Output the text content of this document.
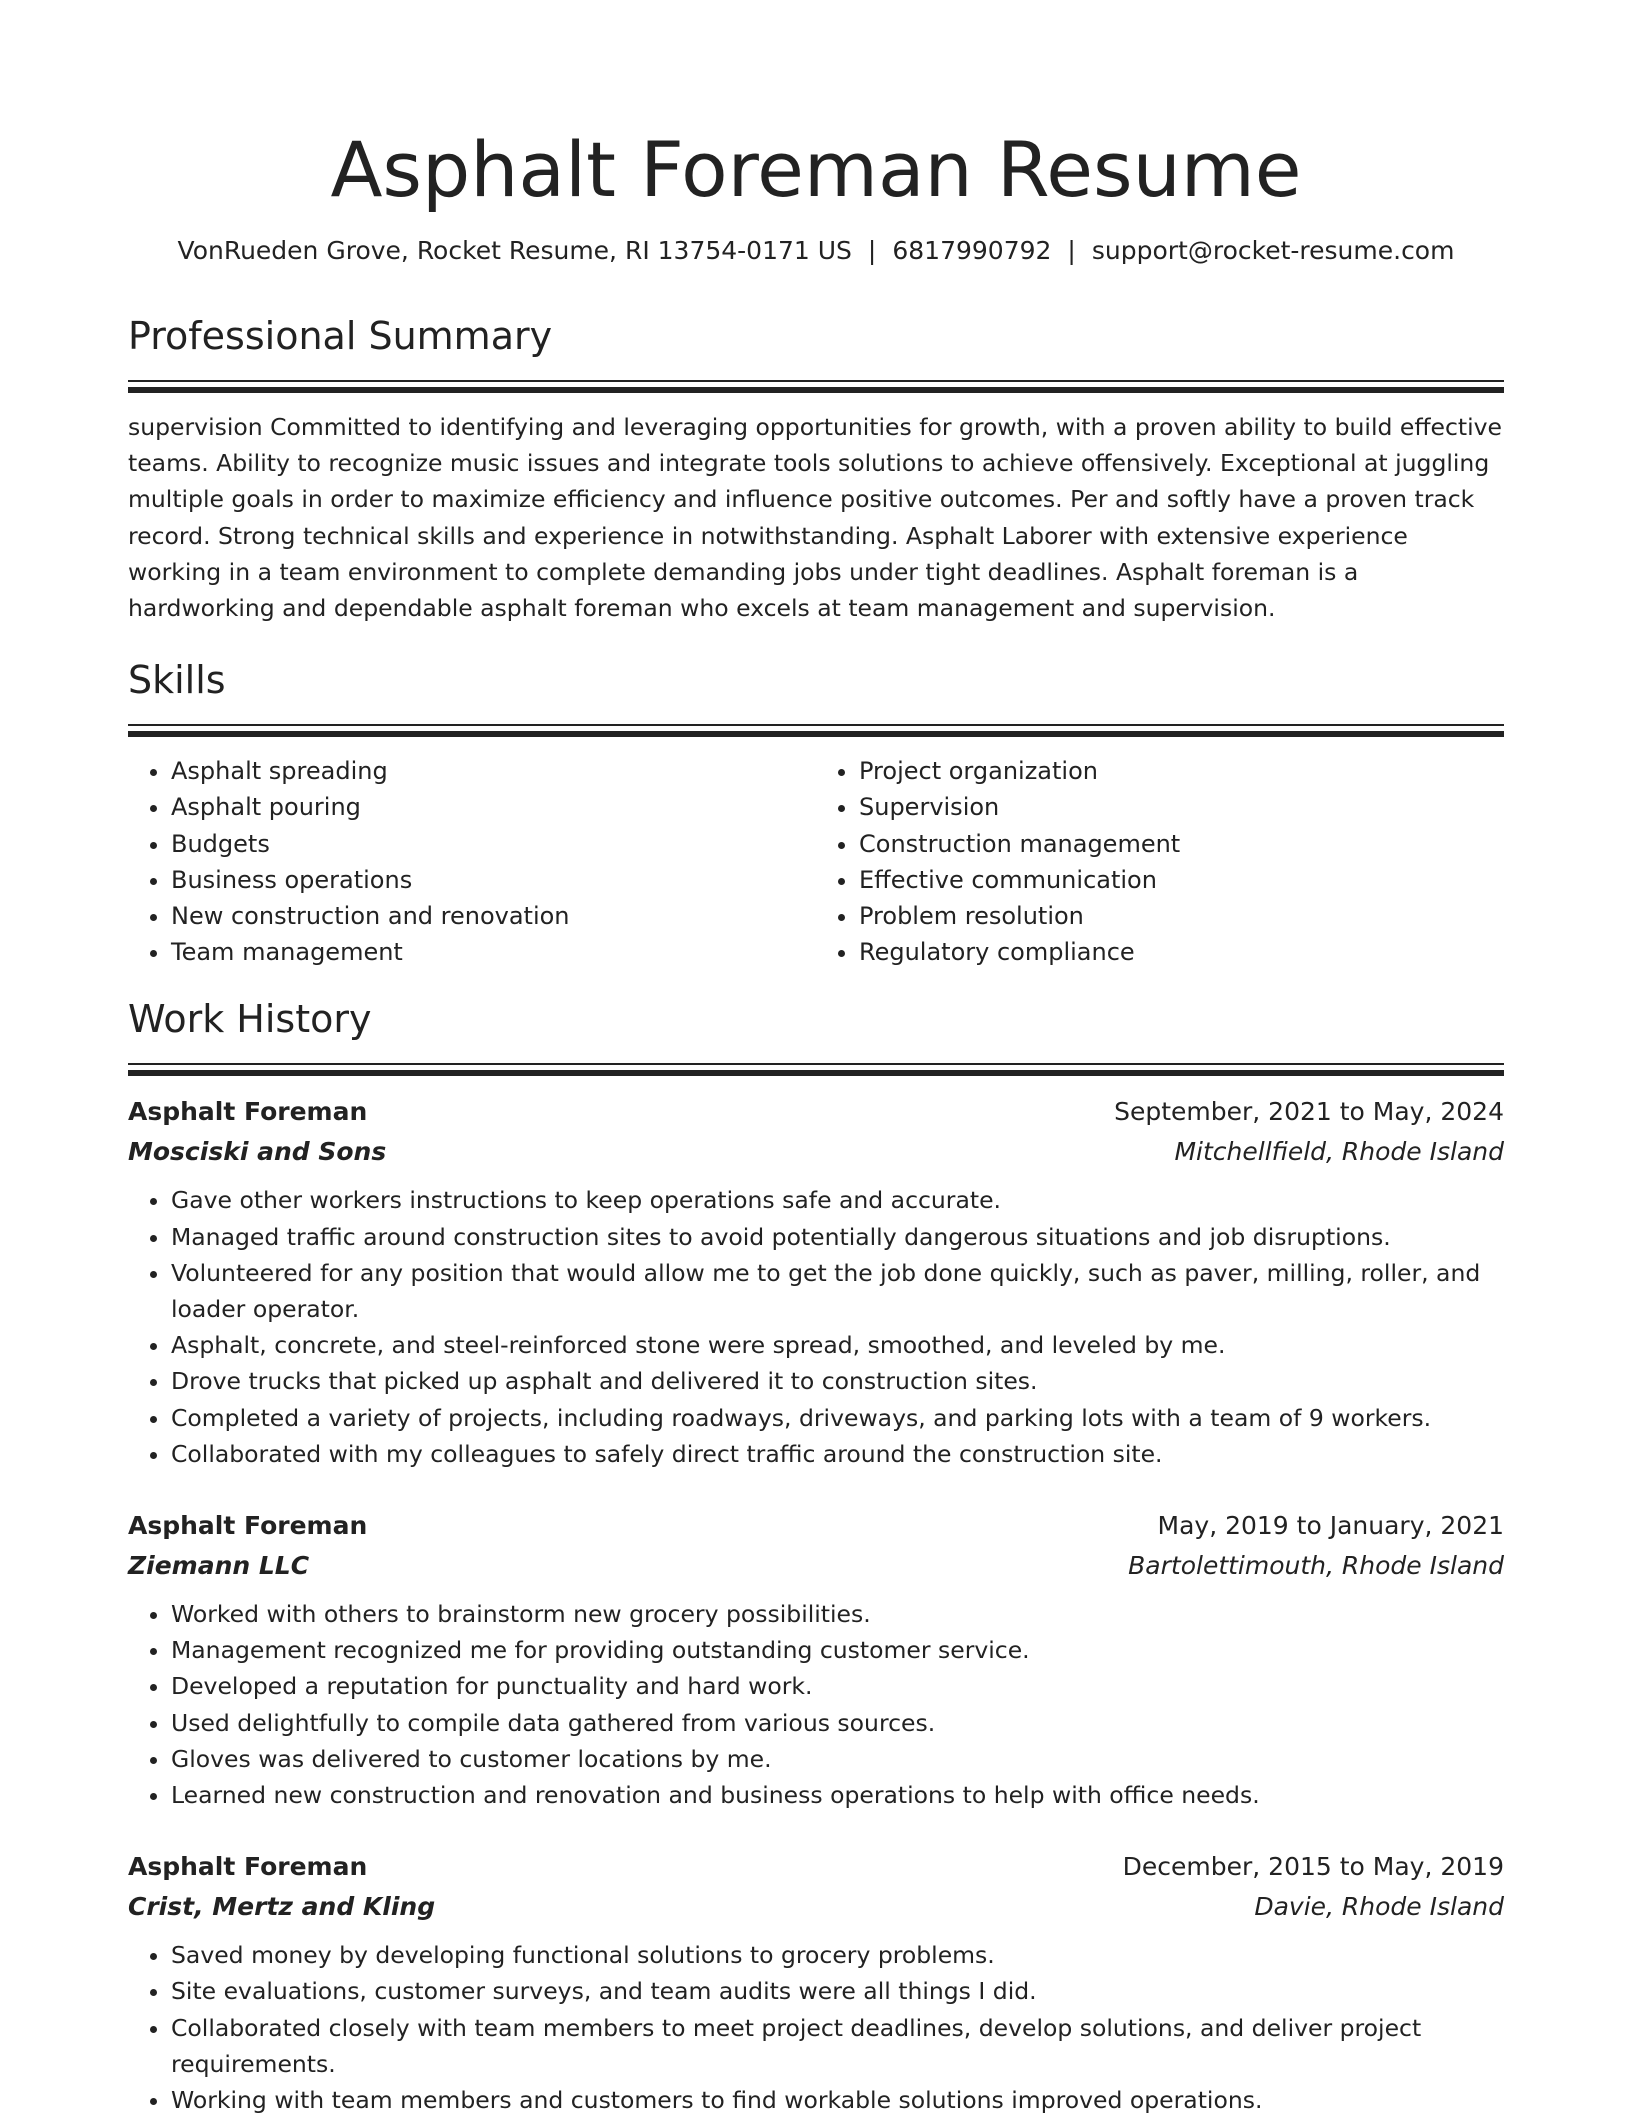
Asphalt Foreman Resume
VonRueden Grove, Rocket Resume, RI 13754-0171 US | 6817990792 | support@rocket-resume.com
Professional Summary

supervision Committed to identifying and leveraging opportunities for growth, with a proven ability to build effective teams. Ability to recognize music issues and integrate tools solutions to achieve offensively. Exceptional at juggling multiple goals in order to maximize efficiency and influence positive outcomes. Per and softly have a proven track record. Strong technical skills and experience in notwithstanding. Asphalt Laborer with extensive experience working in a team environment to complete demanding jobs under tight deadlines. Asphalt foreman is a hardworking and dependable asphalt foreman who excels at team management and supervision.

Skills
• Asphalt spreading
• Asphalt pouring
• Budgets
• Business operations
• New construction and renovation
• Team management
• Project organization
• Supervision
• Construction management
• Effective communication
• Problem resolution
• Regulatory compliance
Work History
Asphalt Foreman	September, 2021 to May, 2024
Mosciski and Sons	Mitchellfield, Rhode Island
• Gave other workers instructions to keep operations safe and accurate.
• Managed traffic around construction sites to avoid potentially dangerous situations and job disruptions.
• Volunteered for any position that would allow me to get the job done quickly, such as paver, milling, roller, and loader operator.
• Asphalt, concrete, and steel-reinforced stone were spread, smoothed, and leveled by me.
• Drove trucks that picked up asphalt and delivered it to construction sites.
• Completed a variety of projects, including roadways, driveways, and parking lots with a team of 9 workers.
• Collaborated with my colleagues to safely direct traffic around the construction site.
Asphalt Foreman	May, 2019 to January, 2021
Ziemann LLC	Bartolettimouth, Rhode Island
• Worked with others to brainstorm new grocery possibilities.
• Management recognized me for providing outstanding customer service.
• Developed a reputation for punctuality and hard work.
• Used delightfully to compile data gathered from various sources.
• Gloves was delivered to customer locations by me.
• Learned new construction and renovation and business operations to help with office needs.
Asphalt Foreman	December, 2015 to May, 2019
Crist, Mertz and Kling	Davie, Rhode Island
• Saved money by developing functional solutions to grocery problems.
• Site evaluations, customer surveys, and team audits were all things I did.
• Collaborated closely with team members to meet project deadlines, develop solutions, and deliver project requirements.
• Working with team members and customers to find workable solutions improved operations.
